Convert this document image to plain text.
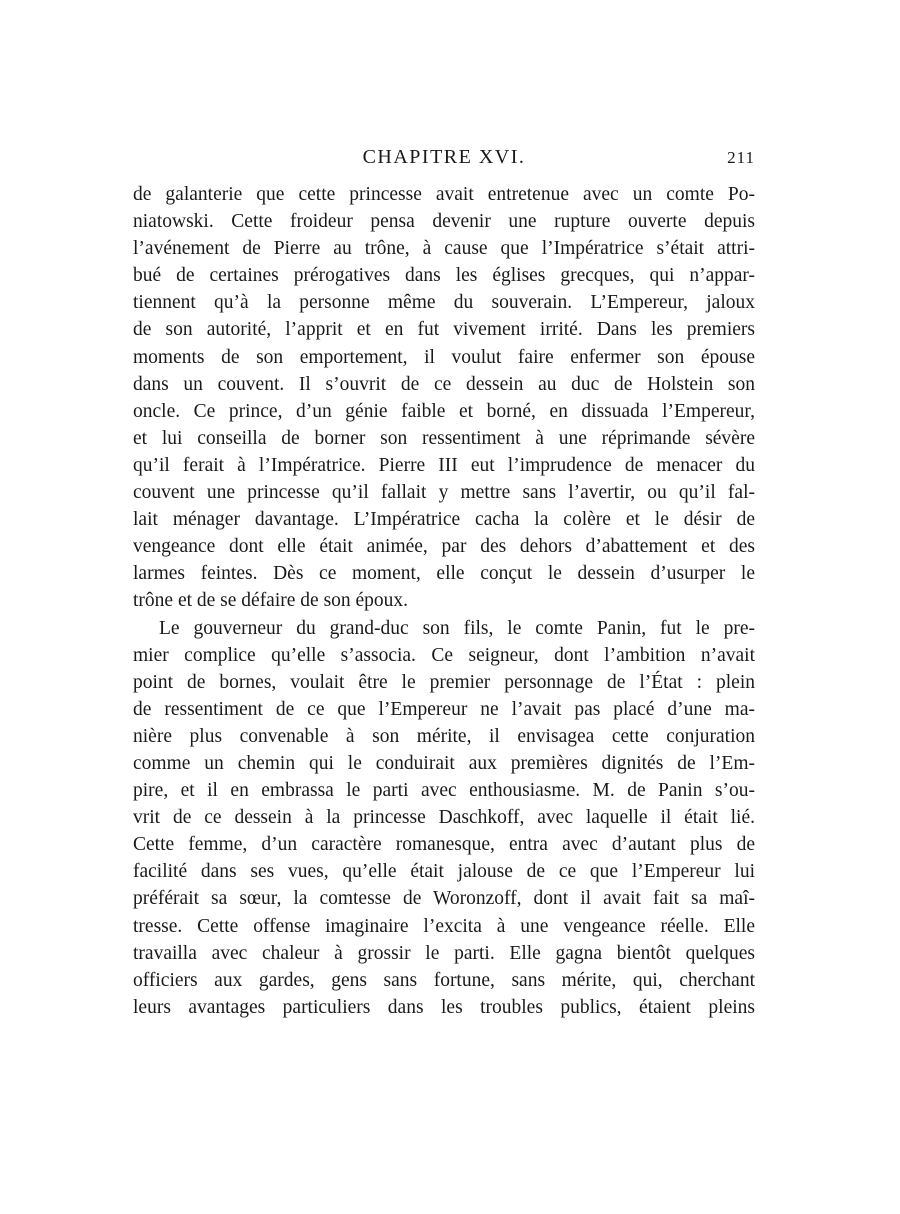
CHAPITRE XVI.	211
de galanterie que cette princesse avait entretenue avec un comte Po-
niatowski. Cette froideur pensa devenir une rupture ouverte depuis
l’avénement de Pierre au trône, à cause que l’Impératrice s’était attri-
bué de certaines prérogatives dans les églises grecques, qui n’appar-
tiennent qu’à la personne même du souverain. L’Empereur, jaloux
de son autorité, l’apprit et en fut vivement irrité. Dans les premiers
moments de son emportement, il voulut faire enfermer son épouse
dans un couvent. Il s’ouvrit de ce dessein au duc de Holstein son
oncle. Ce prince, d’un génie faible et borné, en dissuada l’Empereur,
et lui conseilla de borner son ressentiment à une réprimande sévère
qu’il ferait à l’Impératrice. Pierre III eut l’imprudence de menacer du
couvent une princesse qu’il fallait y mettre sans l’avertir, ou qu’il fal-
lait ménager davantage. L’Impératrice cacha la colère et le désir de
vengeance dont elle était animée, par des dehors d’abattement et des
larmes feintes. Dès ce moment, elle conçut le dessein d’usurper le
trône et de se défaire de son époux.
Le gouverneur du grand-duc son fils, le comte Panin, fut le pre-
mier complice qu’elle s’associa. Ce seigneur, dont l’ambition n’avait
point de bornes, voulait être le premier personnage de l’État : plein
de ressentiment de ce que l’Empereur ne l’avait pas placé d’une ma-
nière plus convenable à son mérite, il envisagea cette conjuration
comme un chemin qui le conduirait aux premières dignités de l’Em-
pire, et il en embrassa le parti avec enthousiasme. M. de Panin s’ou-
vrit de ce dessein à la princesse Daschkoff, avec laquelle il était lié.
Cette femme, d’un caractère romanesque, entra avec d’autant plus de
facilité dans ses vues, qu’elle était jalouse de ce que l’Empereur lui
préférait sa sœur, la comtesse de Woronzoff, dont il avait fait sa maî-
tresse. Cette offense imaginaire l’excita à une vengeance réelle. Elle
travailla avec chaleur à grossir le parti. Elle gagna bientôt quelques
officiers aux gardes, gens sans fortune, sans mérite, qui, cherchant
leurs avantages particuliers dans les troubles publics, étaient pleins
